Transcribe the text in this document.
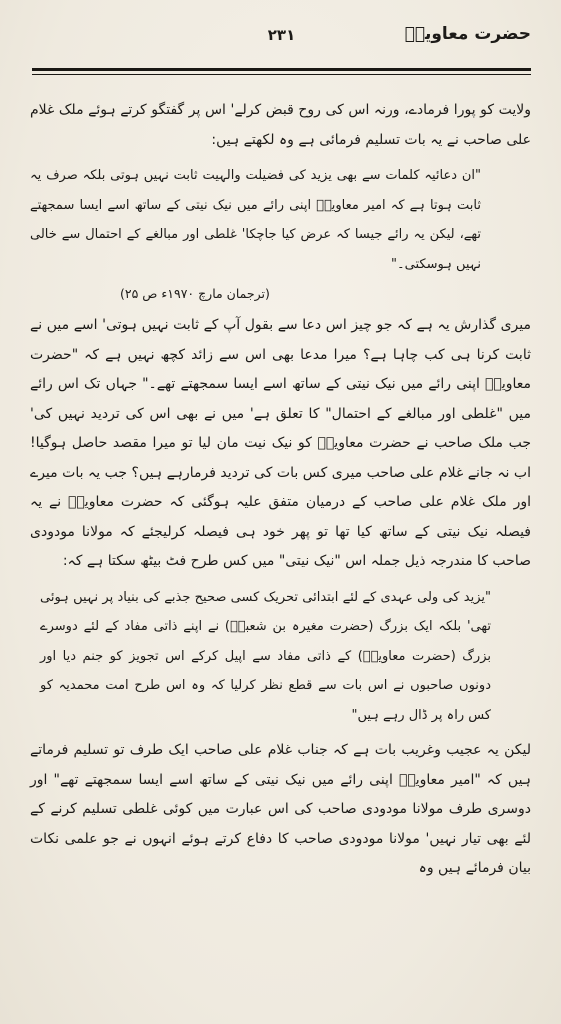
حضرت معاویہؓ
۲۳۱

ولایت کو پورا فرمادے، ورنہ اس کی روح قبض کرلے' اس پر گفتگو کرتے ہوئے ملک غلام علی صاحب نے یہ بات تسلیم فرمائی ہے وہ لکھتے ہیں:

"ان دعائیہ کلمات سے بھی یزید کی فضیلت والہیت ثابت نہیں ہوتی بلکہ صرف یہ ثابت ہوتا ہے کہ امیر معاویہؓ اپنی رائے میں نیک نیتی کے ساتھ اسے ایسا سمجھتے تھے، لیکن یہ رائے جیسا کہ عرض کیا جاچکا' غلطی اور مبالغے کے احتمال سے خالی نہیں ہوسکتی۔"

(ترجمان مارچ ۱۹۷۰ء ص ۲۵)

میری گذارش یہ ہے کہ جو چیز اس دعا سے بقول آپ کے ثابت نہیں ہوتی' اسے میں نے ثابت کرنا ہی کب چاہا ہے؟ میرا مدعا بھی اس سے زائد کچھ نہیں ہے کہ "حضرت معاویہؓ اپنی رائے میں نیک نیتی کے ساتھ اسے ایسا سمجھتے تھے۔" جہاں تک اس رائے میں "غلطی اور مبالغے کے احتمال" کا تعلق ہے' میں نے بھی اس کی تردید نہیں کی' جب ملک صاحب نے حضرت معاویہؓ کو نیک نیت مان لیا تو میرا مقصد حاصل ہوگیا! اب نہ جانے غلام علی صاحب میری کس بات کی تردید فرمارہے ہیں؟ جب یہ بات میرے اور ملک غلام علی صاحب کے درمیان متفق علیہ ہوگئی کہ حضرت معاویہؓ نے یہ فیصلہ نیک نیتی کے ساتھ کیا تھا تو پھر خود ہی فیصلہ کرلیجئے کہ مولانا مودودی صاحب کا مندرجہ ذیل جملہ اس "نیک نیتی" میں کس طرح فٹ بیٹھ سکتا ہے کہ:

"یزید کی ولی عہدی کے لئے ابتدائی تحریک کسی صحیح جذبے کی بنیاد پر نہیں ہوئی تھی' بلکہ ایک بزرگ (حضرت مغیرہ بن شعبہؓ) نے اپنے ذاتی مفاد کے لئے دوسرے بزرگ (حضرت معاویہؓ) کے ذاتی مفاد سے اپیل کرکے اس تجویز کو جنم دیا اور دونوں صاحبوں نے اس بات سے قطع نظر کرلیا کہ وہ اس طرح امت محمدیہ کو کس راہ پر ڈال رہے ہیں"

لیکن یہ عجیب وغریب بات ہے کہ جناب غلام علی صاحب ایک طرف تو تسلیم فرماتے ہیں کہ "امیر معاویہؓ اپنی رائے میں نیک نیتی کے ساتھ اسے ایسا سمجھتے تھے" اور دوسری طرف مولانا مودودی صاحب کی اس عبارت میں کوئی غلطی تسلیم کرنے کے لئے بھی تیار نہیں' مولانا مودودی صاحب کا دفاع کرتے ہوئے انہوں نے جو علمی نکات بیان فرمائے ہیں وہ
